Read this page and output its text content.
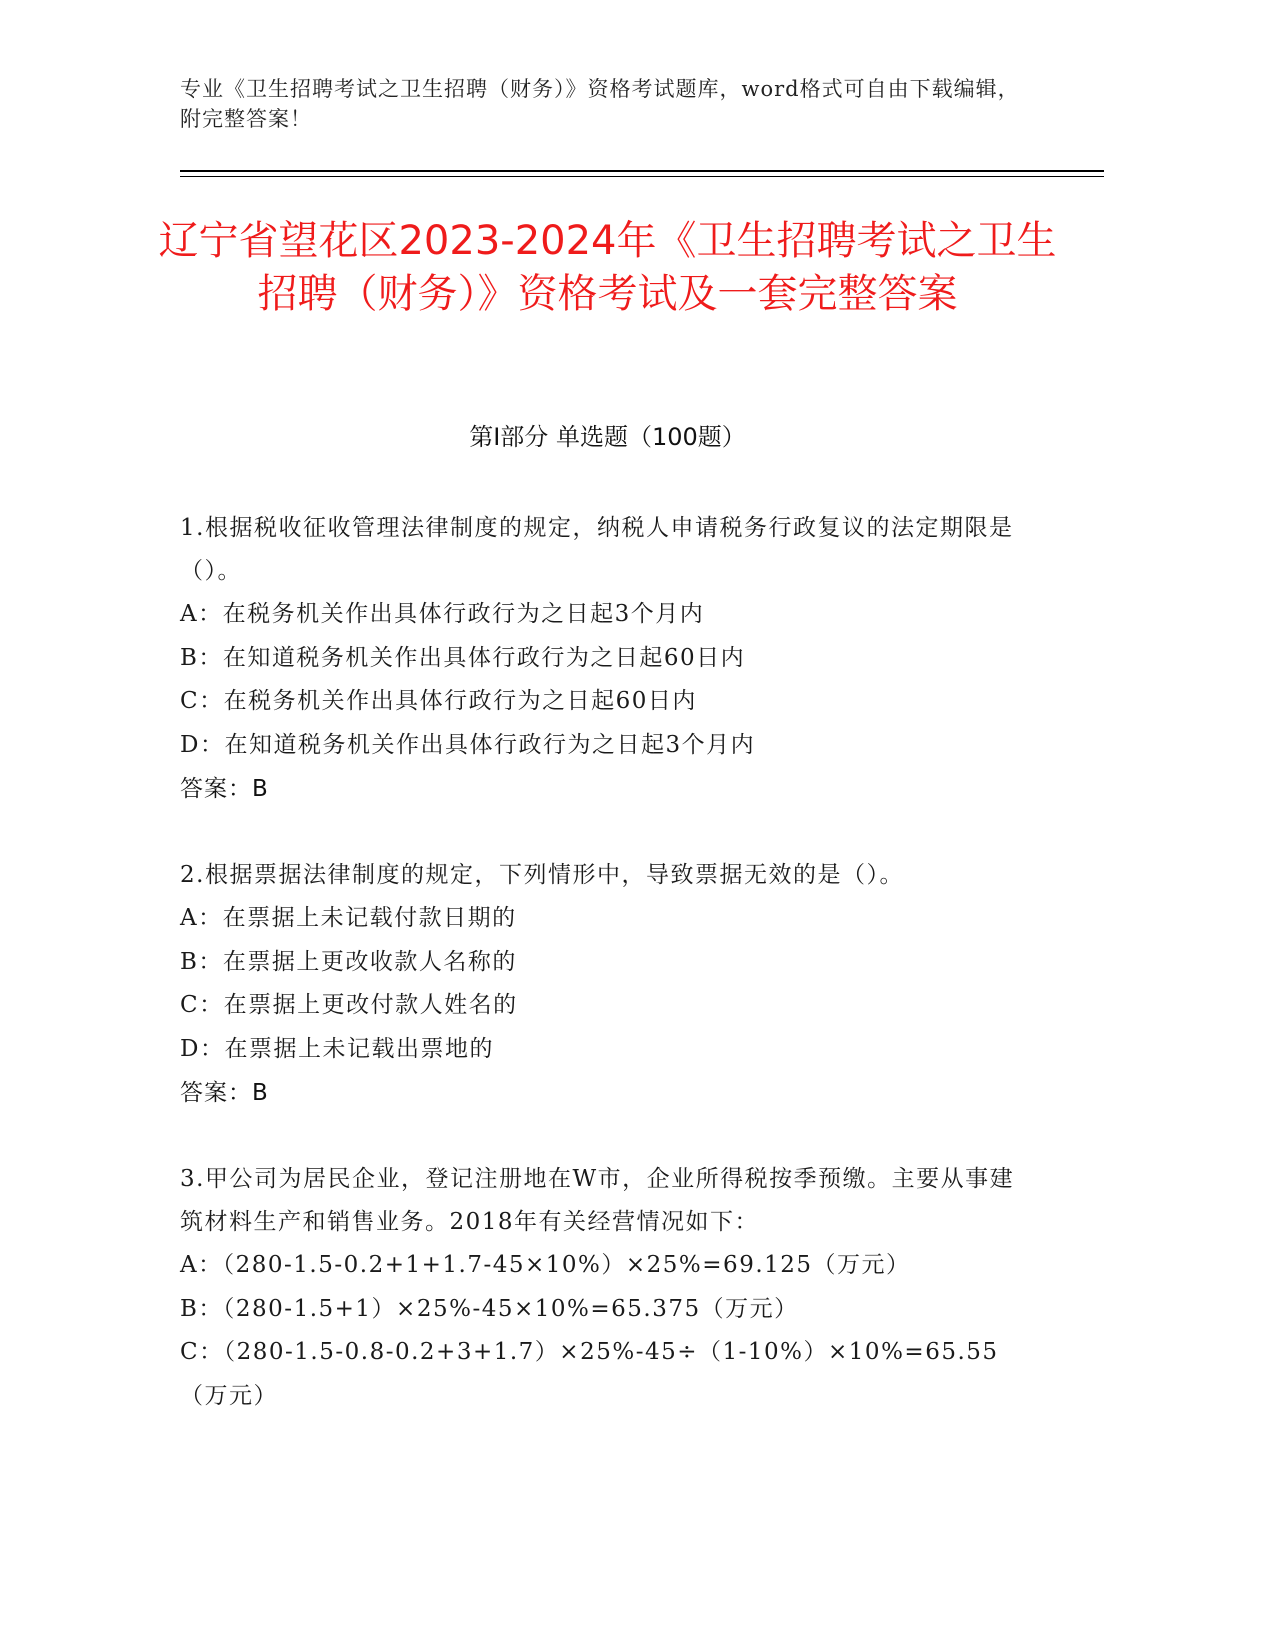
专业《卫生招聘考试之卫生招聘（财务）》资格考试题库，word格式可自由下载编辑，附完整答案！
辽宁省望花区2023-2024年《卫生招聘考试之卫生招聘（财务）》资格考试及一套完整答案
第Ⅰ部分 单选题（100题）
1.根据税收征收管理法律制度的规定，纳税人申请税务行政复议的法定期限是（）。
A：在税务机关作出具体行政行为之日起3个月内
B：在知道税务机关作出具体行政行为之日起60日内
C：在税务机关作出具体行政行为之日起60日内
D：在知道税务机关作出具体行政行为之日起3个月内
答案：B
2.根据票据法律制度的规定，下列情形中，导致票据无效的是（）。
A：在票据上未记载付款日期的
B：在票据上更改收款人名称的
C：在票据上更改付款人姓名的
D：在票据上未记载出票地的
答案：B
3.甲公司为居民企业，登记注册地在W市，企业所得税按季预缴。主要从事建筑材料生产和销售业务。2018年有关经营情况如下：
A：（280-1.5-0.2+1+1.7-45×10%）×25%=69.125（万元）
B：（280-1.5+1）×25%-45×10%=65.375（万元）
C：（280-1.5-0.8-0.2+3+1.7）×25%-45÷（1-10%）×10%=65.55（万元）
